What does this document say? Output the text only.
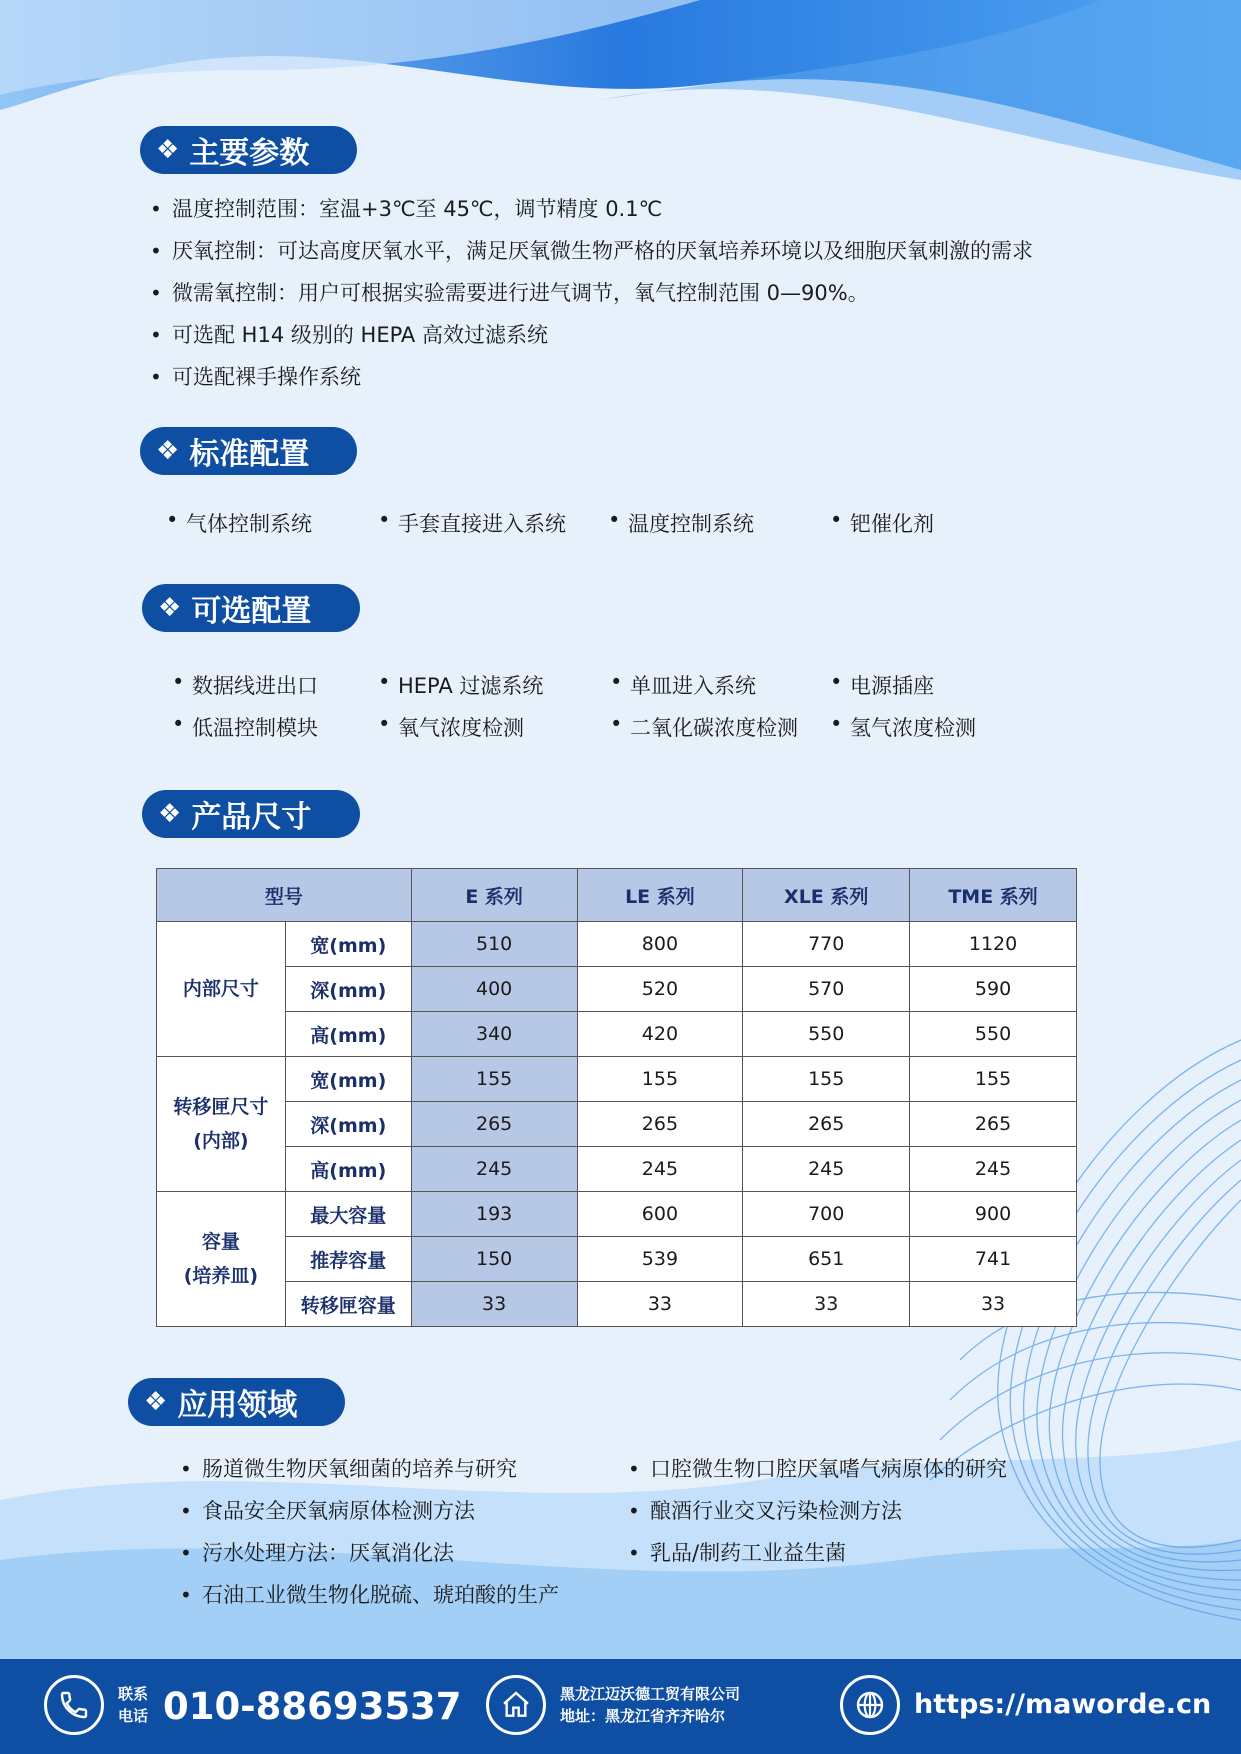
❖ 主要参数
• 温度控制范围：室温+3℃至 45℃，调节精度 0.1℃
• 厌氧控制：可达高度厌氧水平，满足厌氧微生物严格的厌氧培养环境以及细胞厌氧刺激的需求
• 微需氧控制：用户可根据实验需要进行进气调节，氧气控制范围 0—90%。
• 可选配 H14 级别的 HEPA 高效过滤系统
• 可选配裸手操作系统
❖ 标准配置
• 气体控制系统	• 手套直接进入系统	• 温度控制系统	• 钯催化剂
❖ 可选配置
• 数据线进出口	• HEPA 过滤系统	• 单皿进入系统	• 电源插座
• 低温控制模块	• 氧气浓度检测	• 二氧化碳浓度检测	• 氢气浓度检测
❖ 产品尺寸
型号		E 系列	LE 系列	XLE 系列	TME 系列

内部尺寸	宽(mm)	510	800	770	1120
	深(mm)	400	520	570	590
	高(mm)	340	420	550	550

转移匣尺寸
(内部)	宽(mm)	155	155	155	155
	深(mm)	265	265	265	265
	高(mm)	245	245	245	245

容量
(培养皿)	最大容量	193	600	700	900
	推荐容量	150	539	651	741
	转移匣容量	33	33	33	33
❖ 应用领域
• 肠道微生物厌氧细菌的培养与研究
• 食品安全厌氧病原体检测方法
• 污水处理方法：厌氧消化法
• 石油工业微生物化脱硫、琥珀酸的生产
• 口腔微生物口腔厌氧嗜气病原体的研究
• 酿酒行业交叉污染检测方法
• 乳品/制药工业益生菌
联系
电话 010-88693537	黑龙江迈沃德工贸有限公司
地址：黑龙江省齐齐哈尔	https://maworde.cn
